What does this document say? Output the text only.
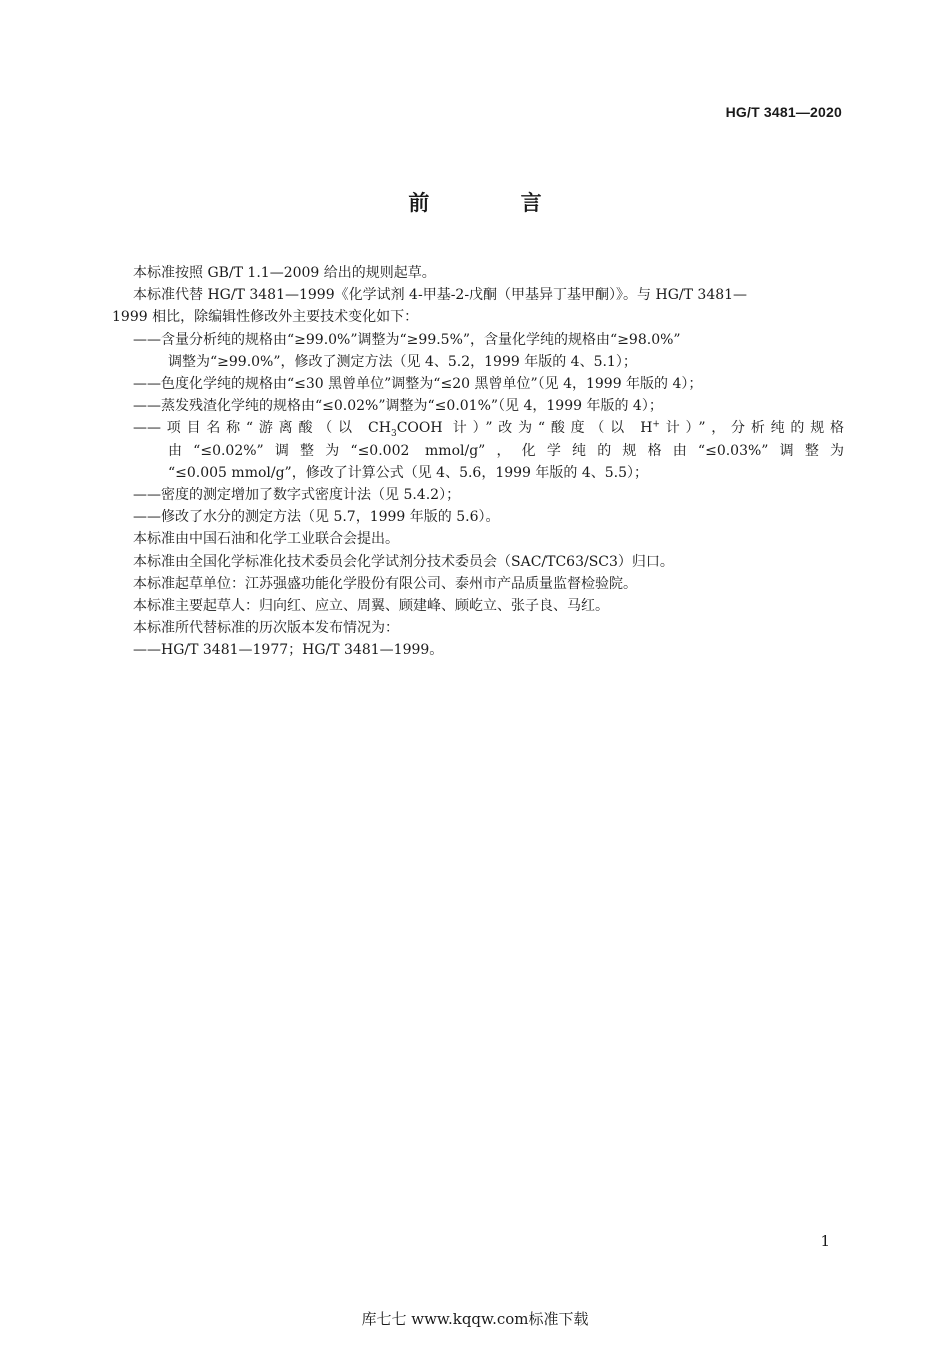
HG/T 3481—2020
前 言
本标准按照 GB/T 1.1—2009 给出的规则起草。
本标准代替 HG/T 3481—1999《化学试剂 4-甲基-2-戊酮（甲基异丁基甲酮）》。与 HG/T 3481—
1999 相比，除编辑性修改外主要技术变化如下：
——含量分析纯的规格由“≥99.0%”调整为“≥99.5%”，含量化学纯的规格由“≥98.0%”
调整为“≥99.0%”，修改了测定方法（见 4、5.2，1999 年版的 4、5.1）；
——色度化学纯的规格由“≤30 黑曾单位”调整为“≤20 黑曾单位”（见 4，1999 年版的 4）；
——蒸发残渣化学纯的规格由“≤0.02%”调整为“≤0.01%”（见 4，1999 年版的 4）；
——项目名称“游离酸（以 $CH_3COOH$ 计）”改为“酸度（以 H+计）”，分析纯的规格
由“≤0.02%”调整为“≤0.002 mmol/g”，化学纯的规格由“≤0.03%”调整为
“≤0.005 mmol/g”，修改了计算公式（见 4、5.6，1999 年版的 4、5.5）；
——密度的测定增加了数字式密度计法（见 5.4.2）；
——修改了水分的测定方法（见 5.7，1999 年版的 5.6）。
本标准由中国石油和化学工业联合会提出。
本标准由全国化学标准化技术委员会化学试剂分技术委员会（SAC/TC63/SC3）归口。
本标准起草单位：江苏强盛功能化学股份有限公司、泰州市产品质量监督检验院。
本标准主要起草人：归向红、应立、周翼、顾建峰、顾屹立、张子良、马红。
本标准所代替标准的历次版本发布情况为：
——HG/T 3481—1977；HG/T 3481—1999。
1
库七七 www.kqqw.com标准下载
